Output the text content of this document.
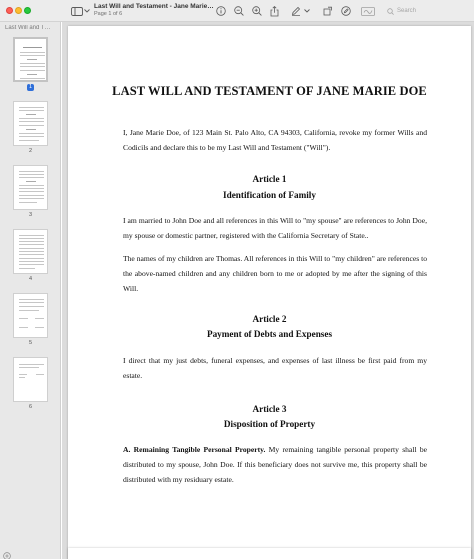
Last Will and Testament - Jane Marie…
Page 1 of 6	Search
Last Will and T…
1
2
3
4
5
6
LAST WILL AND TESTAMENT OF JANE MARIE DOE
I, Jane Marie Doe, of 123 Main St. Palo Alto, CA 94303, California, revoke my former Wills and Codicils and declare this to be my Last Will and Testament ("Will").
Article 1
Identification of Family
I am married to John Doe and all references in this Will to "my spouse" are references to John Doe, my spouse or domestic partner, registered with the California Secretary of State..
The names of my children are Thomas. All references in this Will to "my children" are references to the above-named children and any children born to me or adopted by me after the signing of this Will.
Article 2
Payment of Debts and Expenses
I direct that my just debts, funeral expenses, and expenses of last illness be first paid from my estate.
Article 3
Disposition of Property
A. Remaining Tangible Personal Property. My remaining tangible personal property shall be distributed to my spouse, John Doe. If this beneficiary does not survive me, this property shall be distributed with my residuary estate.
